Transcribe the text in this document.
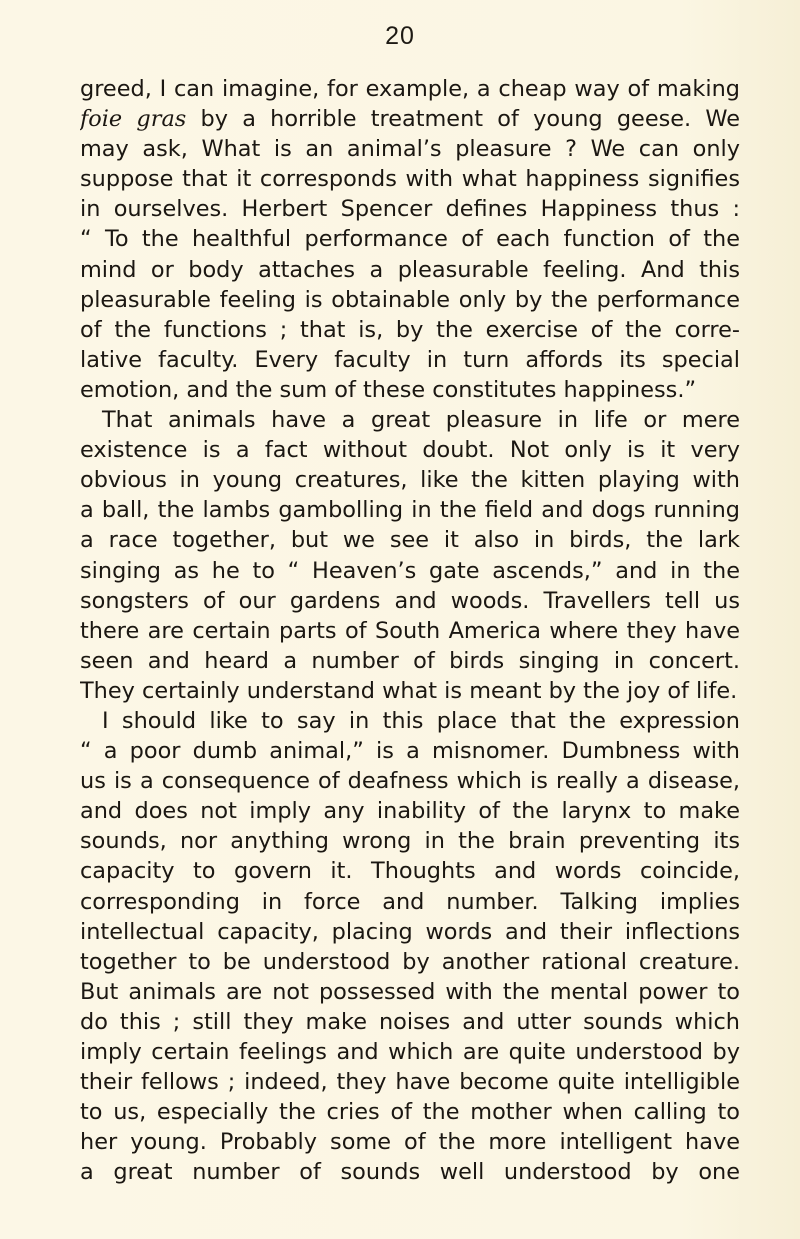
20
greed, I can imagine, for example, a cheap way of making
foie gras by a horrible treatment of young geese. We
may ask, What is an animal’s pleasure ? We can only
suppose that it corresponds with what happiness signifies
in ourselves. Herbert Spencer defines Happiness thus :
“ To the healthful performance of each function of the
mind or body attaches a pleasurable feeling. And this
pleasurable feeling is obtainable only by the performance
of the functions ; that is, by the exercise of the corre-
lative faculty. Every faculty in turn affords its special
emotion, and the sum of these constitutes happiness.”
That animals have a great pleasure in life or mere
existence is a fact without doubt. Not only is it very
obvious in young creatures, like the kitten playing with
a ball, the lambs gambolling in the field and dogs running
a race together, but we see it also in birds, the lark
singing as he to “ Heaven’s gate ascends,” and in the
songsters of our gardens and woods. Travellers tell us
there are certain parts of South America where they have
seen and heard a number of birds singing in concert.
They certainly understand what is meant by the joy of life.
I should like to say in this place that the expression
“ a poor dumb animal,” is a misnomer. Dumbness with
us is a consequence of deafness which is really a disease,
and does not imply any inability of the larynx to make
sounds, nor anything wrong in the brain preventing its
capacity to govern it. Thoughts and words coincide,
corresponding in force and number. Talking implies
intellectual capacity, placing words and their inflections
together to be understood by another rational creature.
But animals are not possessed with the mental power to
do this ; still they make noises and utter sounds which
imply certain feelings and which are quite understood by
their fellows ; indeed, they have become quite intelligible
to us, especially the cries of the mother when calling to
her young. Probably some of the more intelligent have
a great number of sounds well understood by one
